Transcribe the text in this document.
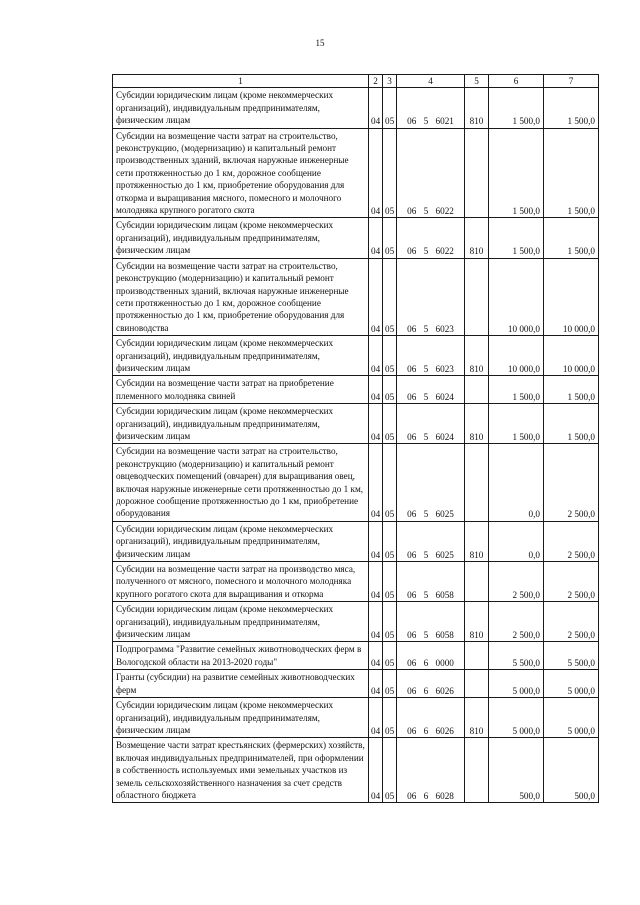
15
1	2	3	4	5	6	7
Субсидии юридическим лицам (кроме некоммерческих организаций), индивидуальным предпринимателям, физическим лицам	04	05	06 5 6021	810	1 500,0	1 500,0
Субсидии на возмещение части затрат на строительство, реконструкцию, (модернизацию) и капитальный ремонт производственных зданий, включая наружные инженерные сети протяженностью до 1 км, дорожное сообщение протяженностью до 1 км, приобретение оборудования для откорма и выращивания мясного, помесного и молочного молодняка крупного рогатого скота	04	05	06 5 6022		1 500,0	1 500,0
Субсидии юридическим лицам (кроме некоммерческих организаций), индивидуальным предпринимателям, физическим лицам	04	05	06 5 6022	810	1 500,0	1 500,0
Субсидии на возмещение части затрат на строительство, реконструкцию (модернизацию) и капитальный ремонт производственных зданий, включая наружные инженерные сети протяженностью до 1 км, дорожное сообщение протяженностью до 1 км, приобретение оборудования для свиноводства	04	05	06 5 6023		10 000,0	10 000,0
Субсидии юридическим лицам (кроме некоммерческих организаций), индивидуальным предпринимателям, физическим лицам	04	05	06 5 6023	810	10 000,0	10 000,0
Субсидии на возмещение части затрат на приобретение племенного молодняка свиней	04	05	06 5 6024		1 500,0	1 500,0
Субсидии юридическим лицам (кроме некоммерческих организаций), индивидуальным предпринимателям, физическим лицам	04	05	06 5 6024	810	1 500,0	1 500,0
Субсидии на возмещение части затрат на строительство, реконструкцию (модернизацию) и капитальный ремонт овцеводческих помещений (овчарен) для выращивания овец, включая наружные инженерные сети протяженностью до 1 км, дорожное сообщение протяженностью до 1 км, приобретение оборудования	04	05	06 5 6025		0,0	2 500,0
Субсидии юридическим лицам (кроме некоммерческих организаций), индивидуальным предпринимателям, физическим лицам	04	05	06 5 6025	810	0,0	2 500,0
Субсидии на возмещение части затрат на производство мяса, полученного от мясного, помесного и молочного молодняка крупного рогатого скота для выращивания и откорма	04	05	06 5 6058		2 500,0	2 500,0
Субсидии юридическим лицам (кроме некоммерческих организаций), индивидуальным предпринимателям, физическим лицам	04	05	06 5 6058	810	2 500,0	2 500,0
Подпрограмма "Развитие семейных животноводческих ферм в Вологодской области на 2013-2020 годы"	04	05	06 6 0000		5 500,0	5 500,0
Гранты (субсидии) на развитие семейных животноводческих ферм	04	05	06 6 6026		5 000,0	5 000,0
Субсидии юридическим лицам (кроме некоммерческих организаций), индивидуальным предпринимателям, физическим лицам	04	05	06 6 6026	810	5 000,0	5 000,0
Возмещение части затрат крестьянских (фермерских) хозяйств, включая индивидуальных предпринимателей, при оформлении в собственность используемых ими земельных участков из земель сельскохозяйственного назначения за счет средств областного бюджета	04	05	06 6 6028		500,0	500,0
